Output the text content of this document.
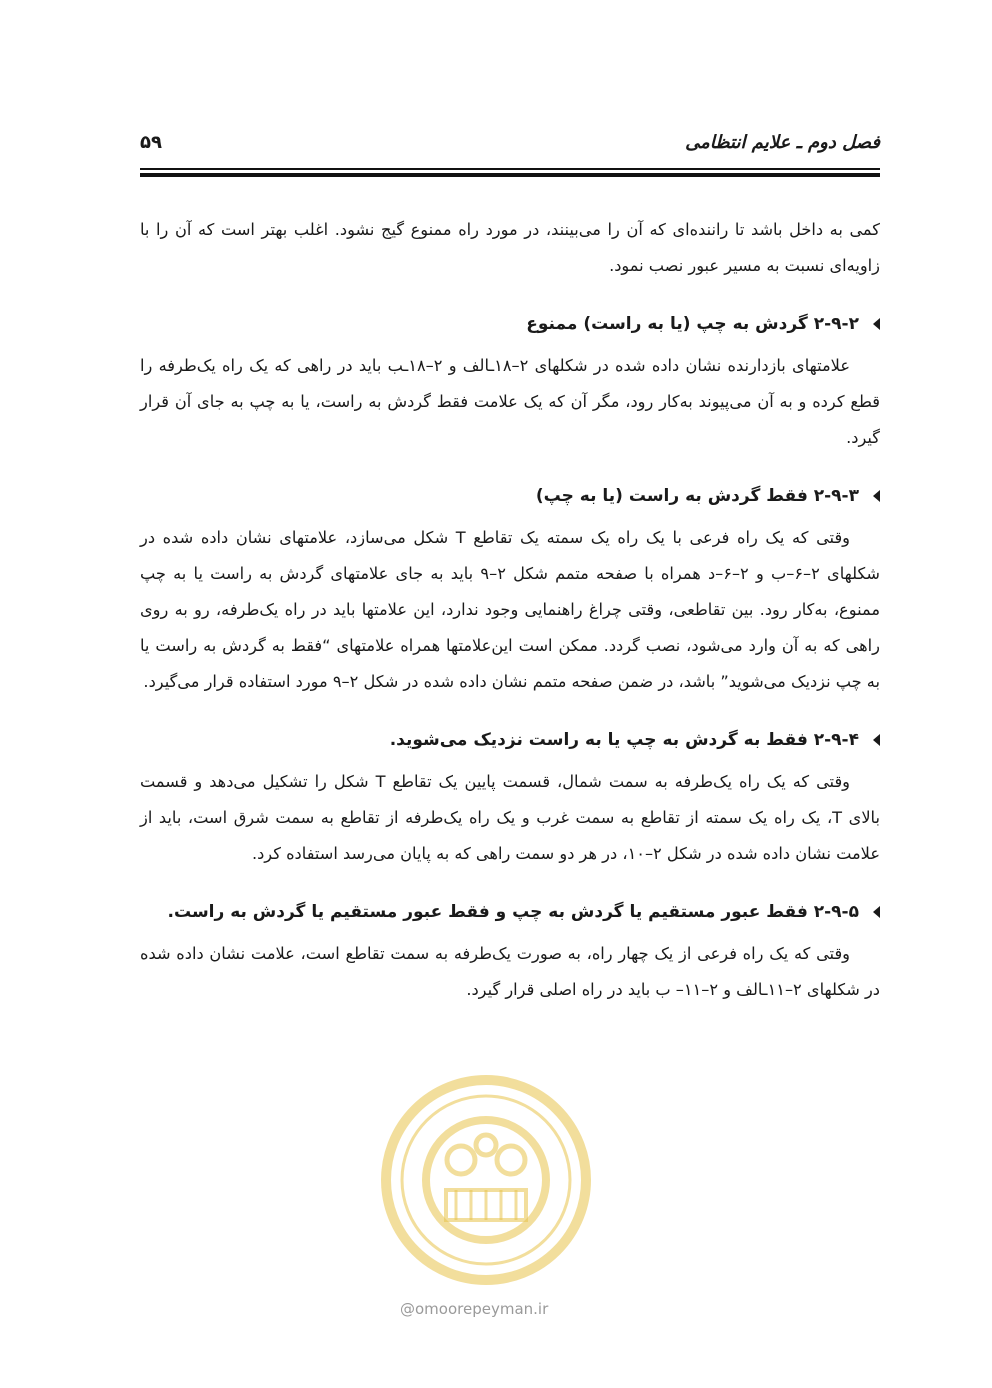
فصل دوم ـ علایم انتظامی
۵۹

کمی به داخل باشد تا راننده‌ای که آن را می‌بینند، در مورد راه ممنوع گیج نشود. اغلب بهتر است که آن را با زاویه‌ای نسبت به مسیر عبور نصب نمود.

۲-۹-۲ گردش به چپ (یا به راست) ممنوع

علامتهای بازدارنده نشان داده شده در شکلهای ۲–۱۸ـالف و ۲–۱۸ـب باید در راهی که یک راه یک‌طرفه را قطع کرده و به آن می‌پیوند به‌کار رود، مگر آن که یک علامت فقط گردش به راست، یا به چپ به جای آن قرار گیرد.

۲-۹-۳ فقط گردش به راست (یا به چپ)

وقتی که یک راه فرعی با یک راه یک سمته یک تقاطع T شکل می‌سازد، علامتهای نشان داده شده در شکلهای ۲–۶–ب و ۲–۶–د همراه با صفحه متمم شکل ۲–۹ باید به جای علامتهای گردش به راست یا به چپ ممنوع، به‌کار رود. بین تقاطعی، وقتی چراغ راهنمایی وجود ندارد، این علامتها باید در راه یک‌طرفه، رو به روی راهی که به آن وارد می‌شود، نصب گردد. ممکن است این‌علامتها همراه علامتهای “فقط به گردش به راست یا به چپ نزدیک می‌شوید” باشد، در ضمن صفحه متمم نشان داده شده در شکل ۲–۹ مورد استفاده قرار می‌گیرد.

۲-۹-۴ فقط به گردش به چپ یا به راست نزدیک می‌شوید.

وقتی که یک راه یک‌طرفه به سمت شمال، قسمت پایین یک تقاطع T شکل را تشکیل می‌دهد و قسمت بالای T، یک راه یک سمته از تقاطع به سمت غرب و یک راه یک‌طرفه از تقاطع به سمت شرق است، باید از علامت نشان داده شده در شکل ۲–۱۰، در هر دو سمت راهی که به پایان می‌رسد استفاده کرد.

۲-۹-۵ فقط عبور مستقیم یا گردش به چپ و فقط عبور مستقیم یا گردش به راست.

وقتی که یک راه فرعی از یک چهار راه، به صورت یک‌طرفه به سمت تقاطع است، علامت نشان داده شده در شکلهای ۲–۱۱ـالف و ۲–۱۱– ب باید در راه اصلی قرار گیرد.

@omoorepeyman.ir
